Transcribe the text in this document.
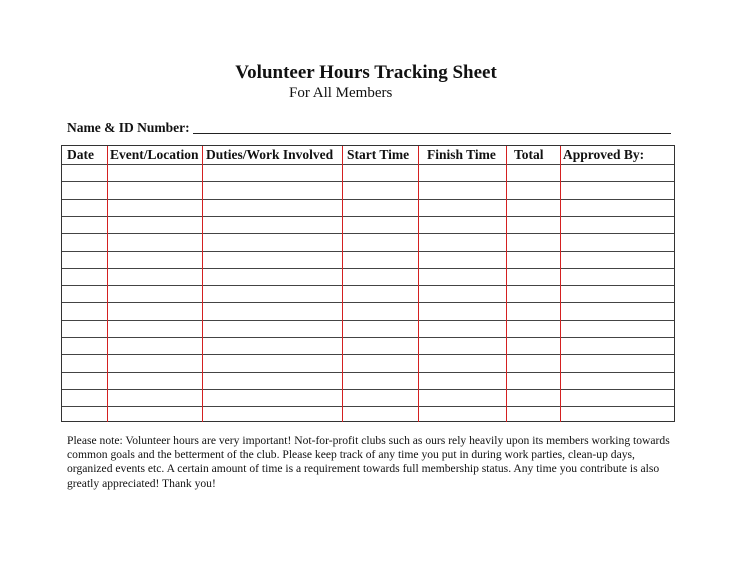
Volunteer Hours Tracking Sheet
For All Members
Name & ID Number:
Date Event/Location Duties/Work Involved Start Time Finish Time Total Approved By:
Please note: Volunteer hours are very important! Not-for-profit clubs such as ours rely heavily upon its members working towards common goals and the betterment of the club. Please keep track of any time you put in during work parties, clean-up days, organized events etc. A certain amount of time is a requirement towards full membership status. Any time you contribute is also greatly appreciated! Thank you!
